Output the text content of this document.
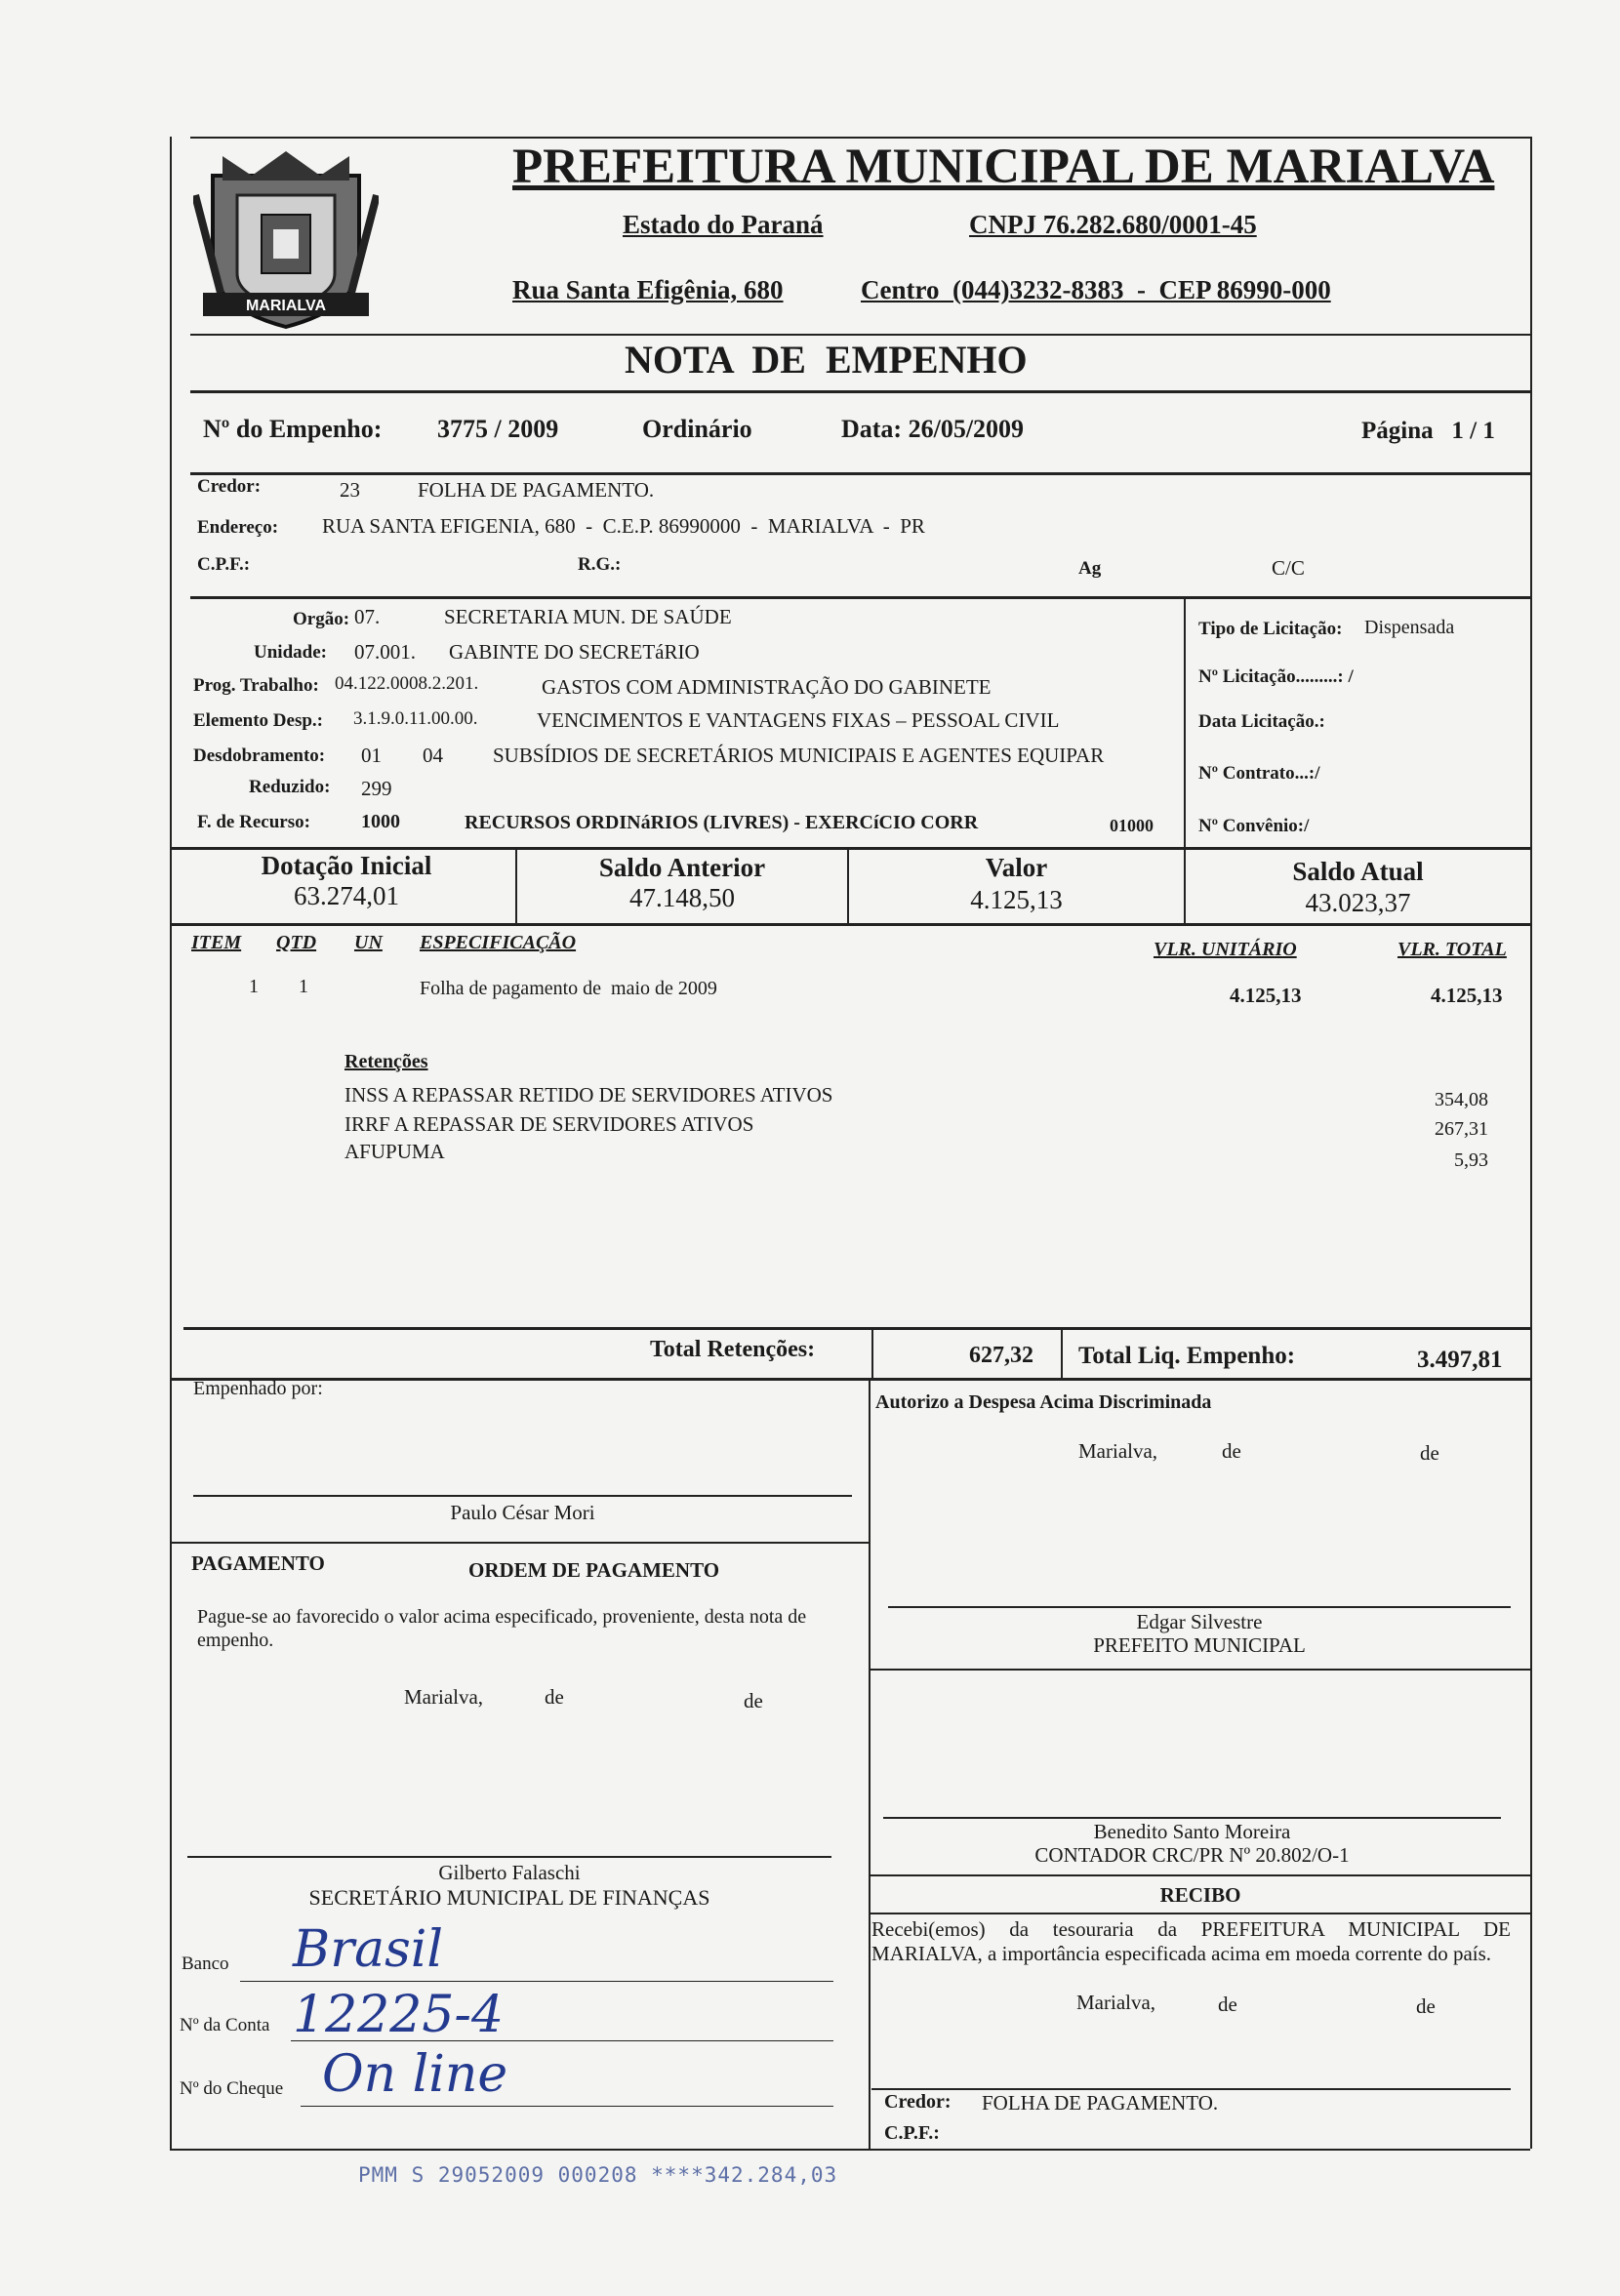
MARIALVA
PREFEITURA MUNICIPAL DE MARIALVA
Estado do Paraná	CNPJ 76.282.680/0001-45
Rua Santa Efigênia, 680	Centro  (044)3232-8383  -  CEP 86990-000
NOTA  DE  EMPENHO
Nº do Empenho: 3775 / 2009	Ordinário	Data: 26/05/2009	Página   1 / 1
Credor:	23	FOLHA DE PAGAMENTO.
Endereço: RUA SANTA EFIGENIA, 680  -  C.E.P. 86990000  -  MARIALVA  -  PR
C.P.F.:	R.G.:	Ag	C/C
Orgão: 07.	SECRETARIA MUN. DE SAÚDE
Unidade: 07.001. GABINTE DO SECRETáRIO
Prog. Trabalho: 04.122.0008.2.201.	GASTOS COM ADMINISTRAÇÃO DO GABINETE
Elemento Desp.: 3.1.9.0.11.00.00.	VENCIMENTOS E VANTAGENS FIXAS – PESSOAL CIVIL
Desdobramento: 01 04 SUBSÍDIOS DE SECRETÁRIOS MUNICIPAIS E AGENTES EQUIPAR
Reduzido: 299
F. de Recurso:	1000	RECURSOS ORDINáRIOS (LIVRES) - EXERCíCIO CORR	01000
Tipo de Licitação: Dispensada
Nº Licitação.........: /
Data Licitação.:
Nº Contrato...:/
Nº Convênio:/
Dotação Inicial
63.274,01
Saldo Anterior
47.148,50
Valor
4.125,13
Saldo Atual
43.023,37
ITEM QTD UN ESPECIFICAÇÃO	VLR. UNITÁRIO	VLR. TOTAL
1 1	Folha de pagamento de  maio de 2009	4.125,13	4.125,13
Retenções
INSS A REPASSAR RETIDO DE SERVIDORES ATIVOS	354,08
IRRF A REPASSAR DE SERVIDORES ATIVOS	267,31
AFUPUMA	5,93
Total Retenções:	627,32 Total Liq. Empenho:	3.497,81
Empenhado por:
Paulo César Mori
Autorizo a Despesa Acima Discriminada
Marialva,	de	de
Edgar Silvestre
PREFEITO MUNICIPAL
PAGAMENTO	ORDEM DE PAGAMENTO
Pague-se ao favorecido o valor acima especificado, proveniente, desta nota de empenho.
Marialva,	de	de
Gilberto Falaschi
SECRETÁRIO MUNICIPAL DE FINANÇAS
Benedito Santo Moreira
CONTADOR CRC/PR Nº 20.802/O-1
RECIBO
Recebi(emos) da tesouraria da PREFEITURA MUNICIPAL DE MARIALVA, a importância especificada acima em moeda corrente do país.
Marialva,	de	de
Credor: FOLHA DE PAGAMENTO.
C.P.F.:
Banco Brasil
Nº da Conta 12225-4
Nº do Cheque On line
PMM S 29052009 000208 ****342.284,03
